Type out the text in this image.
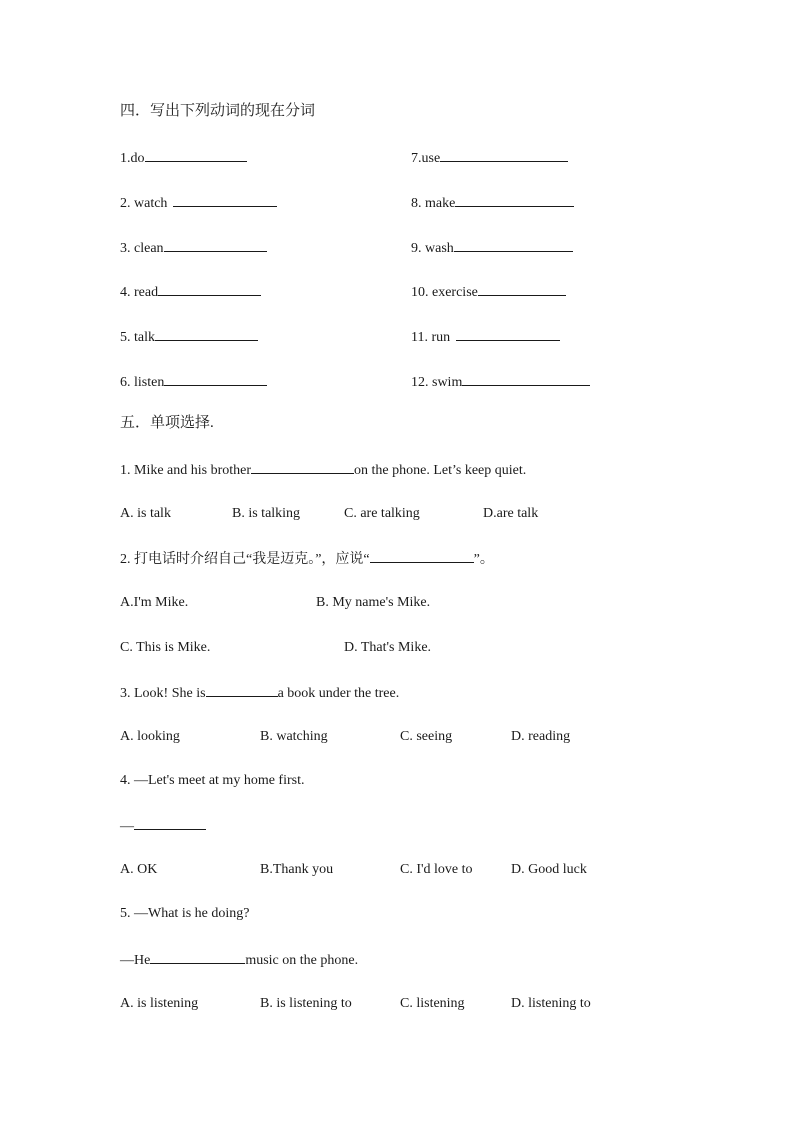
四．写出下列动词的现在分词
1.do
2. watch
3. clean
4. read
5. talk
6. listen
7.use
8. make
9. wash
10. exercise
11. run
12. swim
五．单项选择.
1. Mike and his brother	on the phone. Let’s keep quiet.
A. is talk	B. is talking	C. are talking	D.are talk
2. 打电话时介绍自己“我是迈克。”，应说“	”。
A.I'm Mike.	B. My name's Mike.
C. This is Mike.	D. That's Mike.
3. Look! She is	a book under the tree.
A. looking	B. watching	C. seeing	D. reading
4. —Let's meet at my home first.
—
A. OK	B.Thank you	C. I'd love to	D. Good luck
5. —What is he doing?
—He	music on the phone.
A. is listening	B. is listening to	C. listening	D. listening to
